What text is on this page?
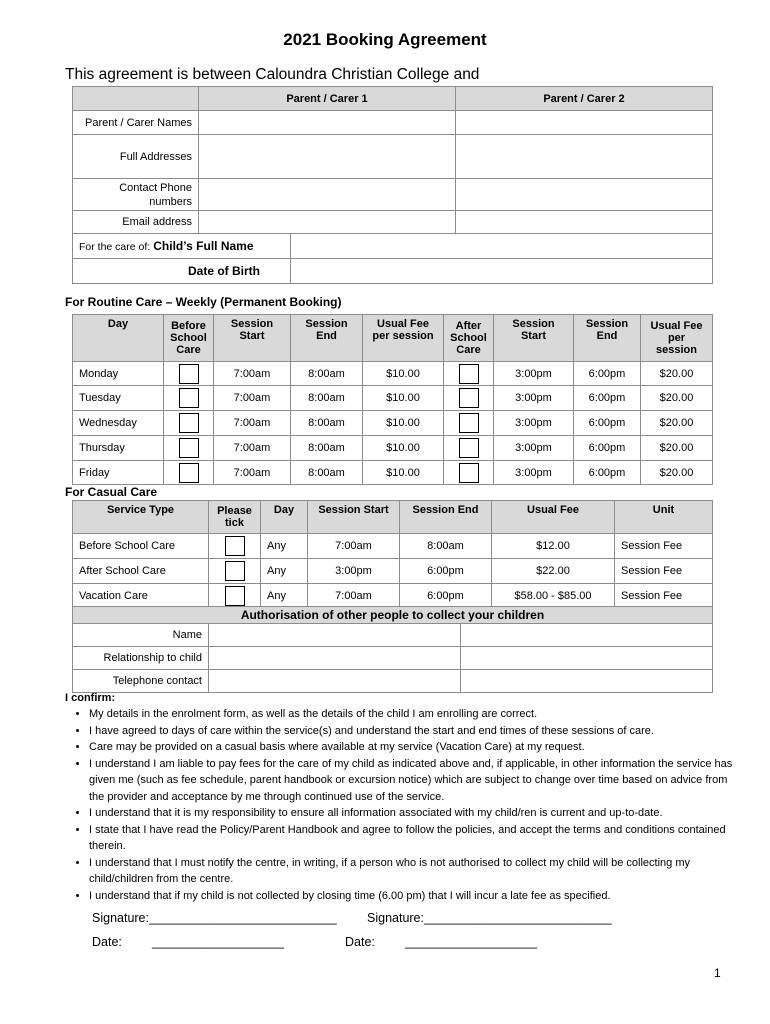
2021 Booking Agreement
This agreement is between Caloundra Christian College and
	Parent / Carer 1	Parent / Carer 2
Parent / Carer Names		
Full Addresses		
Contact Phone numbers		
Email address		
For the care of: Child’s Full Name	
Date of Birth	
For Routine Care – Weekly (Permanent Booking)
Day	Before School Care	Session Start	Session End	Usual Fee per session	After School Care	Session Start	Session End	Usual Fee per session
Monday		7:00am	8:00am	$10.00		3:00pm	6:00pm	$20.00
Tuesday		7:00am	8:00am	$10.00		3:00pm	6:00pm	$20.00
Wednesday		7:00am	8:00am	$10.00		3:00pm	6:00pm	$20.00
Thursday		7:00am	8:00am	$10.00		3:00pm	6:00pm	$20.00
Friday		7:00am	8:00am	$10.00		3:00pm	6:00pm	$20.00
For Casual Care
Service Type	Please tick	Day	Session Start	Session End	Usual Fee	Unit
Before School Care		Any	7:00am	8:00am	$12.00	Session Fee
After School Care		Any	3:00pm	6:00pm	$22.00	Session Fee
Vacation Care		Any	7:00am	6:00pm	$58.00 - $85.00	Session Fee
Authorisation of other people to collect your children		
Name		
Relationship to child		
Telephone contact		
I confirm:
• My details in the enrolment form, as well as the details of the child I am enrolling are correct.
• I have agreed to days of care within the service(s) and understand the start and end times of these sessions of care.
• Care may be provided on a casual basis where available at my service (Vacation Care) at my request.
• I understand I am liable to pay fees for the care of my child as indicated above and, if applicable, in other information the service has given me (such as fee schedule, parent handbook or excursion notice) which are subject to change over time based on advice from the provider and acceptance by me through continued use of the service.
• I understand that it is my responsibility to ensure all information associated with my child/ren is current and up-to-date.
• I state that I have read the Policy/Parent Handbook and agree to follow the policies, and accept the terms and conditions contained therein.
• I understand that I must notify the centre, in writing, if a person who is not authorised to collect my child will be collecting my child/children from the centre.
• I understand that if my child is not collected by closing time (6.00 pm) that I will incur a late fee as specified.
Signature:___________________________ Signature:___________________________
Date: ___________________	Date: ___________________
1
